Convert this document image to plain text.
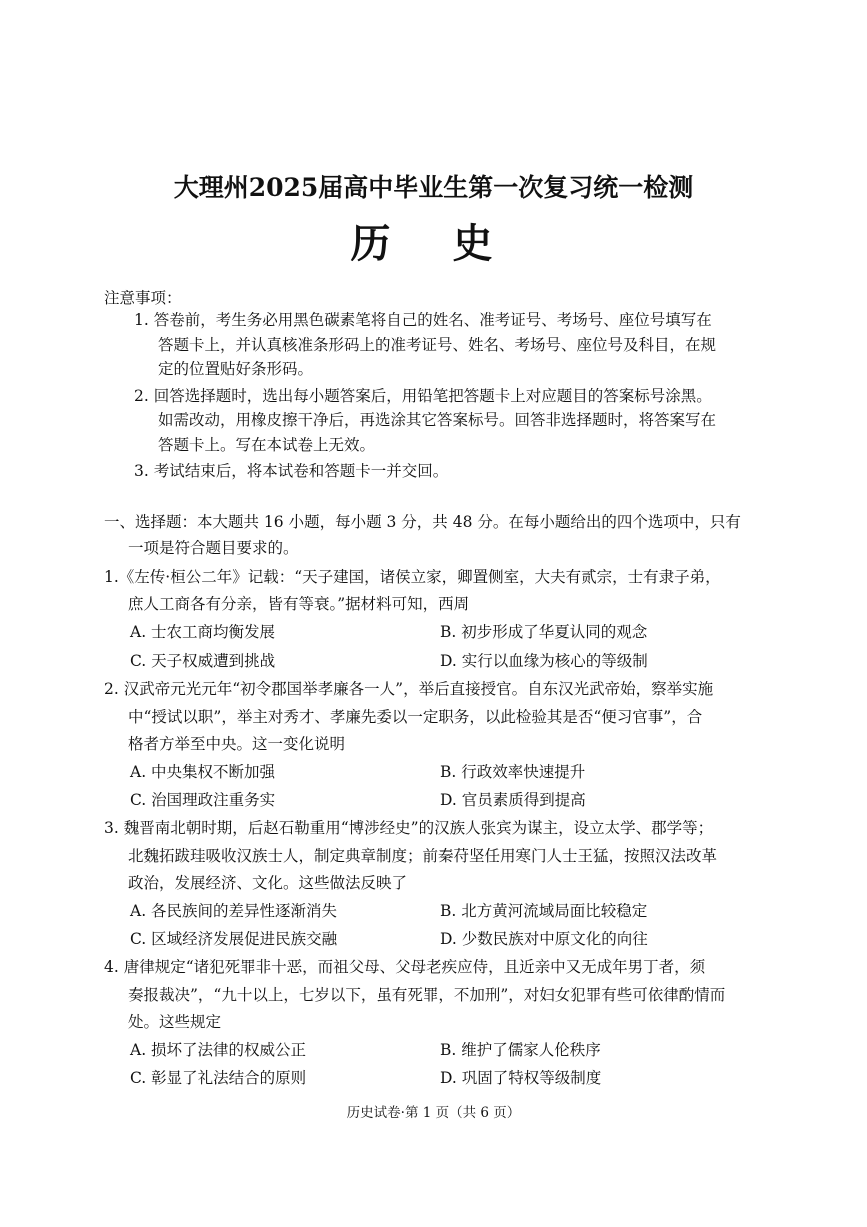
大理州2025届高中毕业生第一次复习统一检测
历 史
注意事项：
1. 答卷前，考生务必用黑色碳素笔将自己的姓名、准考证号、考场号、座位号填写在
答题卡上，并认真核准条形码上的准考证号、姓名、考场号、座位号及科目，在规
定的位置贴好条形码。
2. 回答选择题时，选出每小题答案后，用铅笔把答题卡上对应题目的答案标号涂黑。
如需改动，用橡皮擦干净后，再选涂其它答案标号。回答非选择题时，将答案写在
答题卡上。写在本试卷上无效。
3. 考试结束后，将本试卷和答题卡一并交回。
一、选择题：本大题共 16 小题，每小题 3 分，共 48 分。在每小题给出的四个选项中，只有
一项是符合题目要求的。
1.《左传·桓公二年》记载：“天子建国，诸侯立家，卿置侧室，大夫有贰宗，士有隶子弟，
庶人工商各有分亲，皆有等衰。”据材料可知，西周
A. 士农工商均衡发展	B. 初步形成了华夏认同的观念
C. 天子权威遭到挑战	D. 实行以血缘为核心的等级制
2. 汉武帝元光元年“初令郡国举孝廉各一人”，举后直接授官。自东汉光武帝始，察举实施
中“授试以职”，举主对秀才、孝廉先委以一定职务，以此检验其是否“便习官事”，合
格者方举至中央。这一变化说明
A. 中央集权不断加强	B. 行政效率快速提升
C. 治国理政注重务实	D. 官员素质得到提高
3. 魏晋南北朝时期，后赵石勒重用“博涉经史”的汉族人张宾为谋主，设立太学、郡学等；
北魏拓跋珪吸收汉族士人，制定典章制度；前秦苻坚任用寒门人士王猛，按照汉法改革
政治，发展经济、文化。这些做法反映了
A. 各民族间的差异性逐渐消失	B. 北方黄河流域局面比较稳定
C. 区域经济发展促进民族交融	D. 少数民族对中原文化的向往
4. 唐律规定“诸犯死罪非十恶，而祖父母、父母老疾应侍，且近亲中又无成年男丁者，须
奏报裁决”，“九十以上，七岁以下，虽有死罪，不加刑”，对妇女犯罪有些可依律酌情而
处。这些规定
A. 损坏了法律的权威公正	B. 维护了儒家人伦秩序
C. 彰显了礼法结合的原则	D. 巩固了特权等级制度
历史试卷·第 1 页（共 6 页）
